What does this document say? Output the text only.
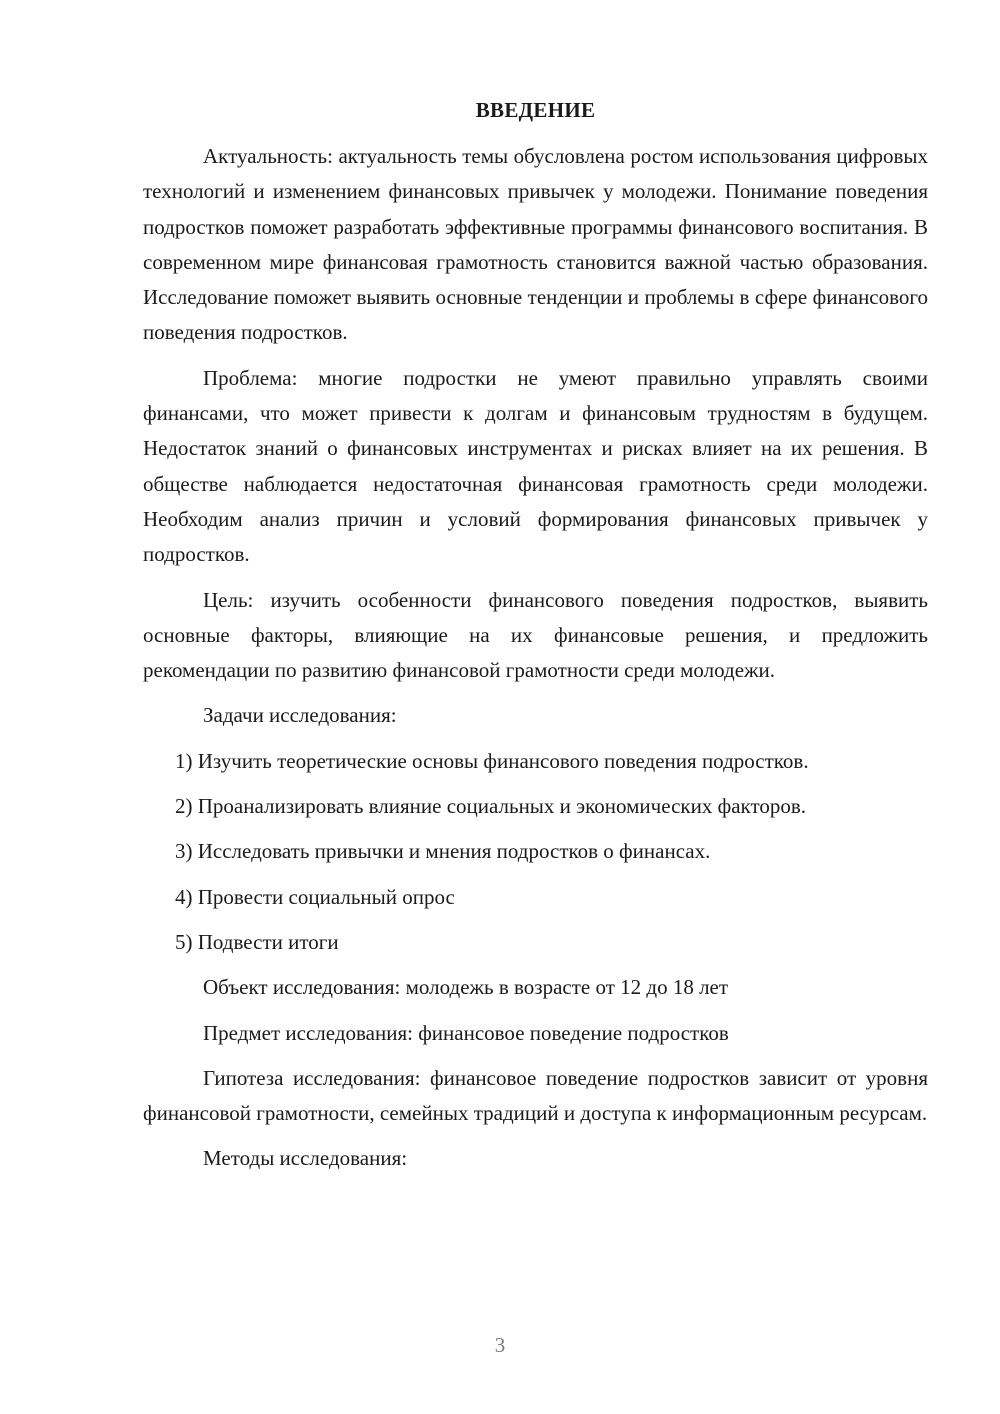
ВВЕДЕНИЕ

Актуальность: актуальность темы обусловлена ростом использования цифровых технологий и изменением финансовых привычек у молодежи. Понимание поведения подростков поможет разработать эффективные программы финансового воспитания. В современном мире финансовая грамотность становится важной частью образования. Исследование поможет выявить основные тенденции и проблемы в сфере финансового поведения подростков.

Проблема: многие подростки не умеют правильно управлять своими финансами, что может привести к долгам и финансовым трудностям в будущем. Недостаток знаний о финансовых инструментах и рисках влияет на их решения. В обществе наблюдается недостаточная финансовая грамотность среди молодежи. Необходим анализ причин и условий формирования финансовых привычек у подростков.

Цель: изучить особенности финансового поведения подростков, выявить основные факторы, влияющие на их финансовые решения, и предложить рекомендации по развитию финансовой грамотности среди молодежи.

Задачи исследования:

1) Изучить теоретические основы финансового поведения подростков.
2) Проанализировать влияние социальных и экономических факторов.
3) Исследовать привычки и мнения подростков о финансах.
4) Провести социальный опрос
5) Подвести итоги

Объект исследования: молодежь в возрасте от 12 до 18 лет

Предмет исследования: финансовое поведение подростков

Гипотеза исследования: финансовое поведение подростков зависит от уровня финансовой грамотности, семейных традиций и доступа к информационным ресурсам.

Методы исследования:

3
